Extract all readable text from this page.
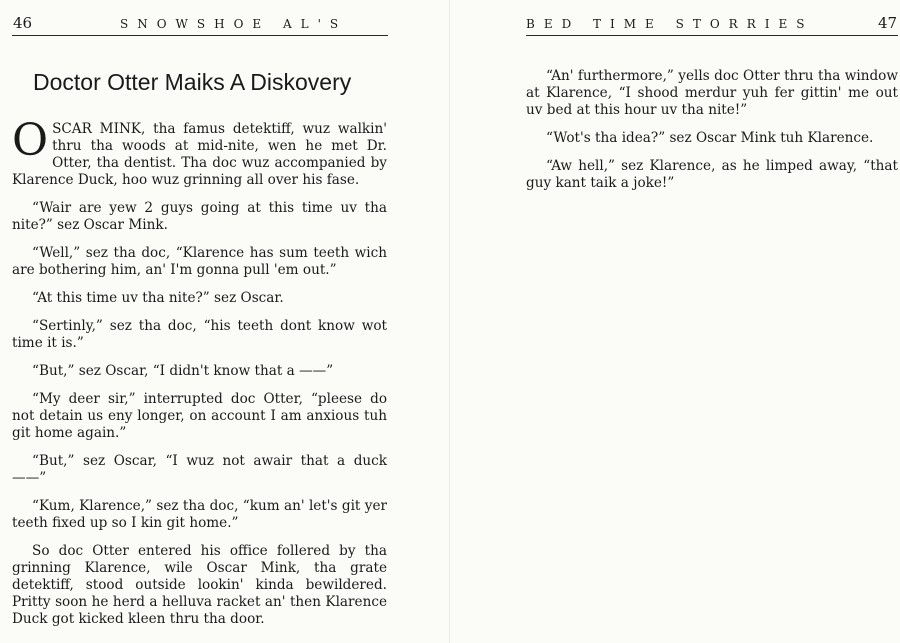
46	SNOWSHOE AL'S
Doctor Otter Maiks A Diskovery

OSCAR MINK, tha famus detektiff, wuz walkin' thru tha woods at mid-nite, wen he met Dr. Otter, tha dentist. Tha doc wuz accompanied by Klarence Duck, hoo wuz grinning all over his fase.

“Wair are yew 2 guys going at this time uv tha nite?” sez Oscar Mink.

“Well,” sez tha doc, “Klarence has sum teeth wich are bothering him, an' I'm gonna pull 'em out.”

“At this time uv tha nite?” sez Oscar.

“Sertinly,” sez tha doc, “his teeth dont know wot time it is.”

“But,” sez Oscar, “I didn't know that a ——”

“My deer sir,” interrupted doc Otter, “pleese do not detain us eny longer, on account I am anxious tuh git home again.”

“But,” sez Oscar, “I wuz not awair that a duck ——”

“Kum, Klarence,” sez tha doc, “kum an' let's git yer teeth fixed up so I kin git home.”

So doc Otter entered his office follered by tha grinning Klarence, wile Oscar Mink, tha grate detektiff, stood outside lookin' kinda bewildered. Pritty soon he herd a helluva racket an' then Klarence Duck got kicked kleen thru tha door.

BED TIME STORRIES	47

“An' furthermore,” yells doc Otter thru tha window at Klarence, “I shood merdur yuh fer gittin' me out uv bed at this hour uv tha nite!”

“Wot's tha idea?” sez Oscar Mink tuh Klarence.

“Aw hell,” sez Klarence, as he limped away, “that guy kant taik a joke!”
